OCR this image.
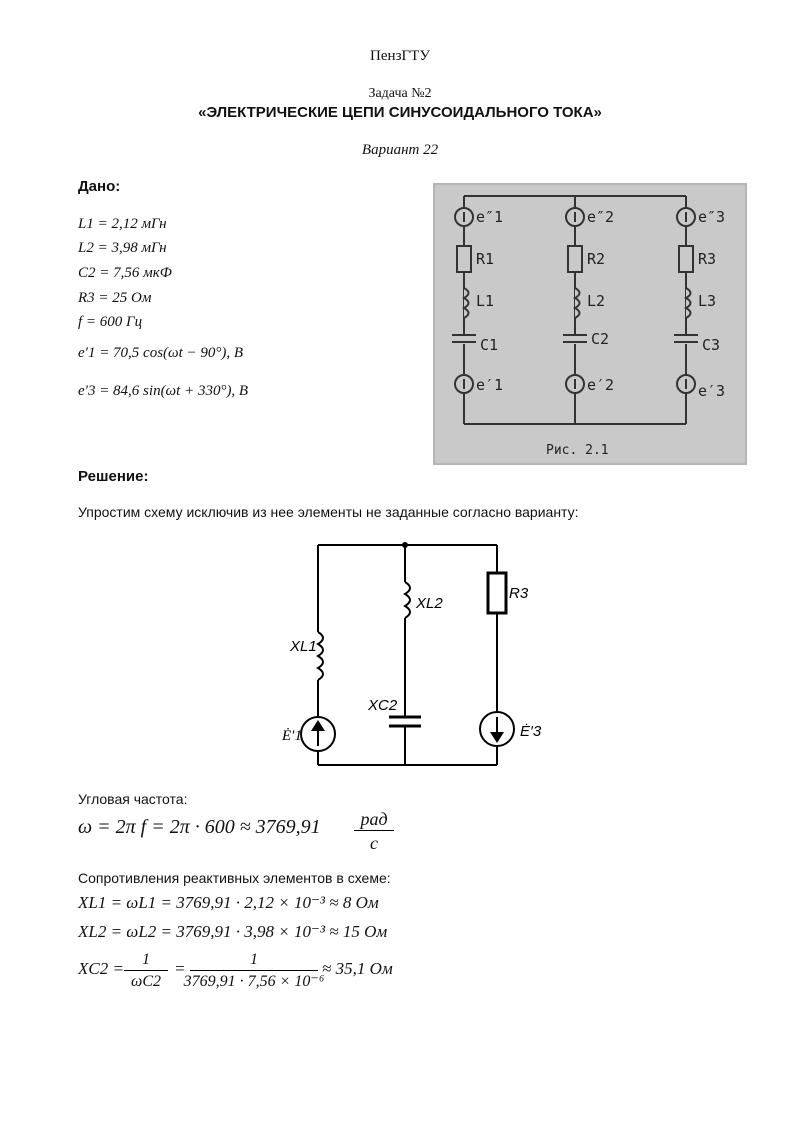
ПензГТУ
Задача №2
«ЭЛЕКТРИЧЕСКИЕ ЦЕПИ СИНУСОИДАЛЬНОГО ТОКА»
Вариант 22
Дано:
L1 = 2,12 мГн
L2 = 3,98 мГн
C2 = 7,56 мкФ
R3 = 25 Ом
f = 600 Гц
e′1 = 70,5 cos(ωt − 90°), В
e′3 = 84,6 sin(ωt + 330°), В
e″1	e″2	e″3
R1	R2	R3
L1	L2	L3
C1	C2	C3
e′1	e′2	e′3
Рис. 2.1
Решение:
Упростим схему исключив из нее элементы не заданные согласно варианту:
XL1
XL2
XC2
R3
Ė′3
Ė′1
Угловая частота:
ω = 2π f = 2π · 600 ≈ 3769,91	рад
с
Сопротивления реактивных элементов в схеме:
XL1 = ωL1 = 3769,91 · 2,12 × 10⁻³ ≈ 8 Ом
XL2 = ωL2 = 3769,91 · 3,98 × 10⁻³ ≈ 15 Ом
XC2 =	1
ωC2
=	1
3769,91 · 7,56 × 10⁻⁶
≈ 35,1 Ом
